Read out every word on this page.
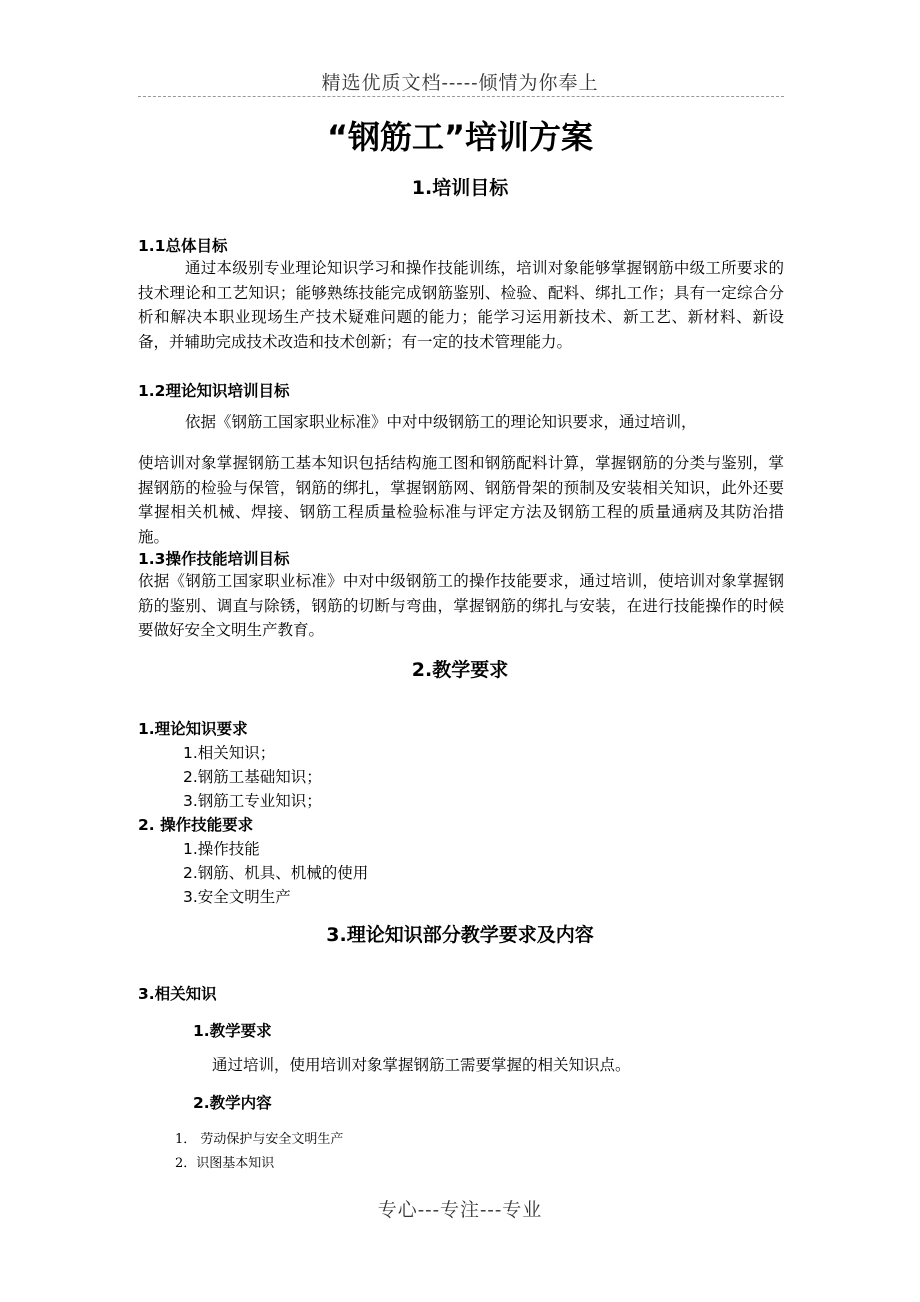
精选优质文档-----倾情为你奉上
“钢筋工”培训方案
1.培训目标
1.1总体目标
通过本级别专业理论知识学习和操作技能训练，培训对象能够掌握钢筋中级工所要求的技术理论和工艺知识；能够熟练技能完成钢筋鉴别、检验、配料、绑扎工作；具有一定综合分析和解决本职业现场生产技术疑难问题的能力；能学习运用新技术、新工艺、新材料、新设备，并辅助完成技术改造和技术创新；有一定的技术管理能力。
1.2理论知识培训目标
依据《钢筋工国家职业标准》中对中级钢筋工的理论知识要求，通过培训，
使培训对象掌握钢筋工基本知识包括结构施工图和钢筋配料计算，掌握钢筋的分类与鉴别，掌握钢筋的检验与保管，钢筋的绑扎，掌握钢筋网、钢筋骨架的预制及安装相关知识，此外还要掌握相关机械、焊接、钢筋工程质量检验标准与评定方法及钢筋工程的质量通病及其防治措施。
1.3操作技能培训目标
依据《钢筋工国家职业标准》中对中级钢筋工的操作技能要求，通过培训，使培训对象掌握钢筋的鉴别、调直与除锈，钢筋的切断与弯曲，掌握钢筋的绑扎与安装，在进行技能操作的时候要做好安全文明生产教育。
2.教学要求
1.理论知识要求
1.相关知识；
2.钢筋工基础知识；
3.钢筋工专业知识；
2. 操作技能要求
1.操作技能
2.钢筋、机具、机械的使用
3.安全文明生产
3.理论知识部分教学要求及内容
3.相关知识
1.教学要求
通过培训，使用培训对象掌握钢筋工需要掌握的相关知识点。
2.教学内容
1． 劳动保护与安全文明生产
2．识图基本知识
专心---专注---专业
